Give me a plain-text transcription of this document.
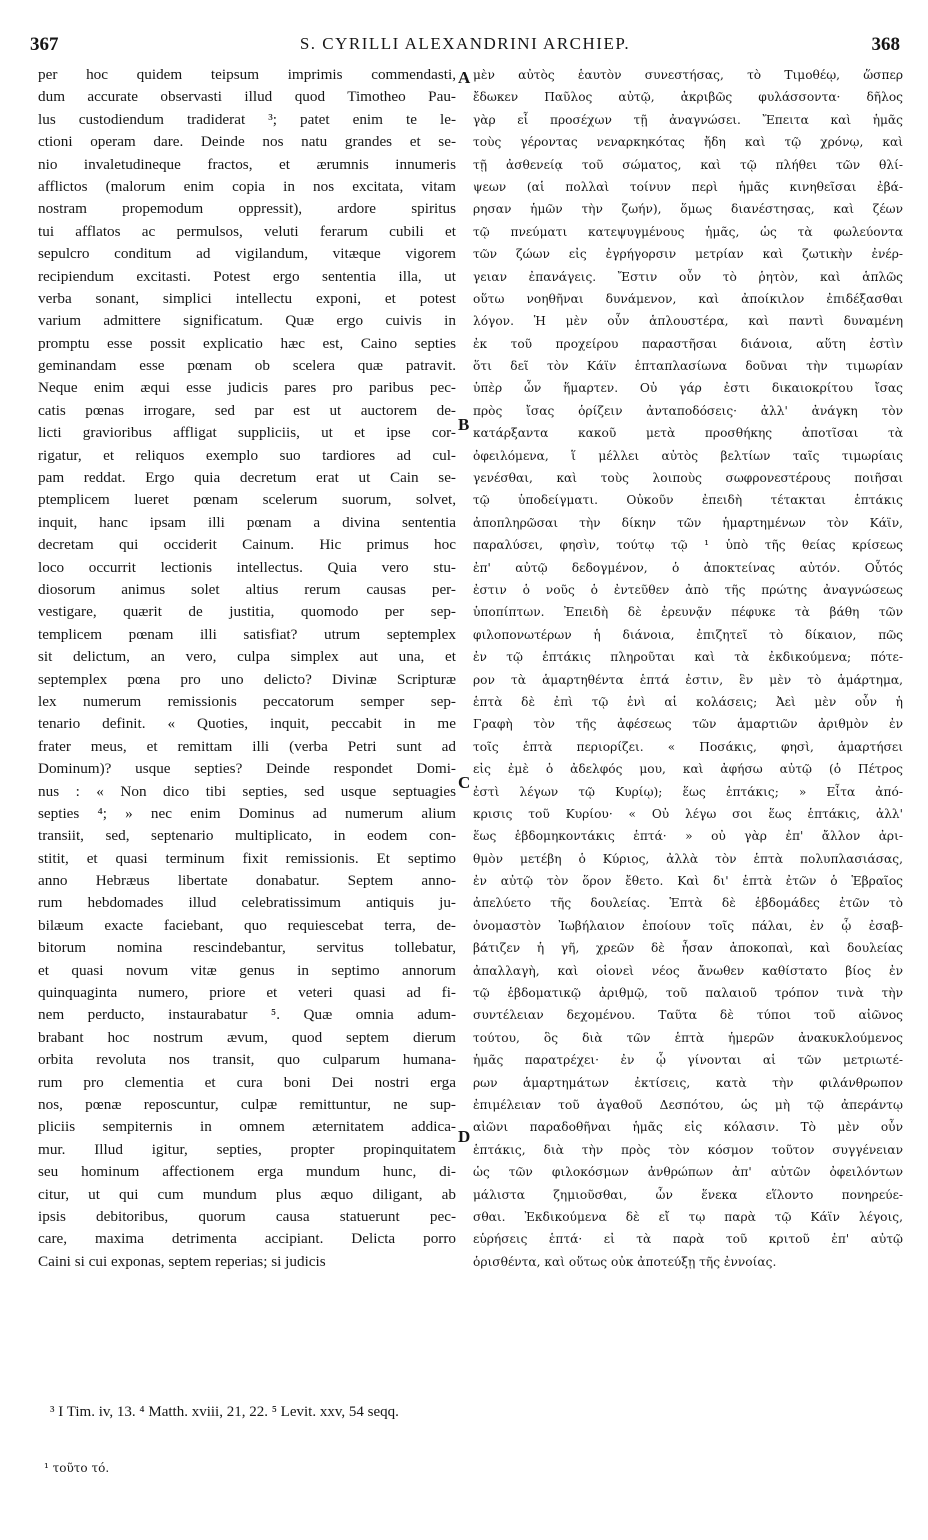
367	S. CYRILLI ALEXANDRINI ARCHIEP.	368
per hoc quidem teipsum imprimis commendasti,
dum accurate observasti illud quod Timotheo Pau-
lus custodiendum tradiderat ³; patet enim te le-
ctioni operam dare. Deinde nos natu grandes et se-
nio invaletudineque fractos, et ærumnis innumeris
afflictos (malorum enim copia in nos excitata, vitam
nostram propemodum oppressit), ardore spiritus
tui afflatos ac permulsos, veluti ferarum cubili et
sepulcro conditum ad vigilandum, vitæque vigorem
recipiendum excitasti. Potest ergo sententia illa, ut
verba sonant, simplici intellectu exponi, et potest
varium admittere significatum. Quæ ergo cuivis in
promptu esse possit explicatio hæc est, Caino septies
geminandam esse pœnam ob scelera quæ patravit.
Neque enim æqui esse judicis pares pro paribus pec-
catis pœnas irrogare, sed par est ut auctorem de-
licti gravioribus affligat suppliciis, ut et ipse cor-
rigatur, et reliquos exemplo suo tardiores ad cul-
pam reddat. Ergo quia decretum erat ut Cain se-
ptemplicem lueret pœnam scelerum suorum, solvet,
inquit, hanc ipsam illi pœnam a divina sententia
decretam qui occiderit Cainum. Hic primus hoc
loco occurrit lectionis intellectus. Quia vero stu-
diosorum animus solet altius rerum causas per-
vestigare, quærit de justitia, quomodo per sep-
templicem pœnam illi satisfiat? utrum septemplex
sit delictum, an vero, culpa simplex aut una, et
septemplex pœna pro uno delicto? Divinæ Scripturæ
lex numerum remissionis peccatorum semper sep-
tenario definit. « Quoties, inquit, peccabit in me
frater meus, et remittam illi (verba Petri sunt ad
Dominum)? usque septies? Deinde respondet Domi-
nus : « Non dico tibi septies, sed usque septuagies
septies ⁴; » nec enim Dominus ad numerum alium
transiit, sed, septenario multiplicato, in eodem con-
stitit, et quasi terminum fixit remissionis. Et septimo
anno Hebræus libertate donabatur. Septem anno-
rum hebdomades illud celebratissimum antiquis ju-
bilæum exacte faciebant, quo requiescebat terra, de-
bitorum nomina rescindebantur, servitus tollebatur,
et quasi novum vitæ genus in septimo annorum
quinquaginta numero, priore et veteri quasi ad fi-
nem perducto, instaurabatur ⁵. Quæ omnia adum-
brabant hoc nostrum ævum, quod septem dierum
orbita revoluta nos transit, quo culparum humana-
rum pro clementia et cura boni Dei nostri erga
nos, pœnæ reposcuntur, culpæ remittuntur, ne sup-
pliciis sempiternis in omnem æternitatem addica-
mur. Illud igitur, septies, propter propinquitatem
seu hominum affectionem erga mundum hunc, di-
citur, ut qui cum mundum plus æquo diligant, ab
ipsis debitoribus, quorum causa statuerunt pec-
care, maxima detrimenta accipiant. Delicta porro
Caini si cui exponas, septem reperias; si judicis
μὲν αὐτὸς ἑαυτὸν συνεστήσας, τὸ Τιμοθέῳ, ὥσπερ
ἔδωκεν Παῦλος αὐτῷ, ἀκριβῶς φυλάσσοντα· δῆλος
γὰρ εἶ προσέχων τῇ ἀναγνώσει. Ἔπειτα καὶ ἡμᾶς
τοὺς γέροντας νεναρκηκότας ἤδη καὶ τῷ χρόνῳ, καὶ
τῇ ἀσθενείᾳ τοῦ σώματος, καὶ τῷ πλήθει τῶν θλί-
ψεων (αἱ πολλαὶ τοίνυν περὶ ἡμᾶς κινηθεῖσαι ἐβά-
ρησαν ἡμῶν τὴν ζωήν), ὅμως διανέστησας, καὶ ζέων
τῷ πνεύματι κατεψυγμένους ἡμᾶς, ὡς τὰ φωλεύοντα
τῶν ζώων εἰς ἐγρήγορσιν μετρίαν καὶ ζωτικὴν ἐνέρ-
γειαν ἐπανάγεις. Ἔστιν οὖν τὸ ῥητὸν, καὶ ἁπλῶς
οὕτω νοηθῆναι δυνάμενον, καὶ ἀποίκιλον ἐπιδέξασθαι
λόγον. Ἡ μὲν οὖν ἁπλουστέρα, καὶ παντὶ δυναμένη
ἐκ τοῦ προχείρου παραστῆσαι διάνοια, αὕτη ἐστὶν
ὅτι δεῖ τὸν Κάϊν ἑπταπλασίωνα δοῦναι τὴν τιμωρίαν
ὑπὲρ ὧν ἥμαρτεν. Οὐ γάρ ἐστι δικαιοκρίτου ἴσας
πρὸς ἴσας ὁρίζειν ἀνταποδόσεις· ἀλλ' ἀνάγκη τὸν
κατάρξαντα κακοῦ μετὰ προσθήκης ἀποτῖσαι τὰ
ὀφειλόμενα, ἵ μέλλει αὐτὸς βελτίων ταῖς τιμωρίαις
γενέσθαι, καὶ τοὺς λοιποὺς σωφρονεστέρους ποιῆσαι
τῷ ὑποδείγματι. Οὐκοῦν ἐπειδὴ τέτακται ἑπτάκις
ἀποπληρῶσαι τὴν δίκην τῶν ἡμαρτημένων τὸν Κάϊν,
παραλύσει, φησὶν, τούτῳ τῷ ¹ ὑπὸ τῆς θείας κρίσεως
ἐπ' αὐτῷ δεδογμένον, ὁ ἀποκτείνας αὐτόν. Οὗτός
ἐστιν ὁ νοῦς ὁ ἐντεῦθεν ἀπὸ τῆς πρώτης ἀναγνώσεως
ὑποπίπτων. Ἐπειδὴ δὲ ἐρευνᾷν πέφυκε τὰ βάθη τῶν
φιλοπονωτέρων ἡ διάνοια, ἐπιζητεῖ τὸ δίκαιον, πῶς
ἐν τῷ ἑπτάκις πληροῦται καὶ τὰ ἐκδικούμενα; πότε-
ρον τὰ ἁμαρτηθέντα ἑπτά ἐστιν, ἓν μὲν τὸ ἁμάρτημα,
ἑπτὰ δὲ ἐπὶ τῷ ἑνὶ αἱ κολάσεις; Ἀεὶ μὲν οὖν ἡ
Γραφὴ τὸν τῆς ἀφέσεως τῶν ἁμαρτιῶν ἀριθμὸν ἐν
τοῖς ἑπτὰ περιορίζει. « Ποσάκις, φησὶ, ἁμαρτήσει
εἰς ἐμὲ ὁ ἀδελφός μου, καὶ ἀφήσω αὐτῷ (ὁ Πέτρος
ἐστὶ λέγων τῷ Κυρίῳ); ἕως ἑπτάκις; » Εἶτα ἀπό-
κρισις τοῦ Κυρίου· « Οὐ λέγω σοι ἕως ἑπτάκις, ἀλλ'
ἕως ἑβδομηκοντάκις ἑπτά· » οὐ γὰρ ἐπ' ἄλλον ἀρι-
θμὸν μετέβη ὁ Κύριος, ἀλλὰ τὸν ἑπτὰ πολυπλασιάσας,
ἐν αὐτῷ τὸν ὅρον ἔθετο. Καὶ δι' ἑπτὰ ἐτῶν ὁ Ἑβραῖος
ἀπελύετο τῆς δουλείας. Ἑπτὰ δὲ ἑβδομάδες ἐτῶν τὸ
ὀνομαστὸν Ἰωβήλαιον ἐποίουν τοῖς πάλαι, ἐν ᾧ ἐσαβ-
βάτιζεν ἡ γῆ, χρεῶν δὲ ἦσαν ἀποκοπαὶ, καὶ δουλείας
ἀπαλλαγὴ, καὶ οἱονεὶ νέος ἄνωθεν καθίστατο βίος ἐν
τῷ ἑβδοματικῷ ἀριθμῷ, τοῦ παλαιοῦ τρόπον τινὰ τὴν
συντέλειαν δεχομένου. Ταῦτα δὲ τύποι τοῦ αἰῶνος
τούτου, ὃς διὰ τῶν ἑπτὰ ἡμερῶν ἀνακυκλούμενος
ἡμᾶς παρατρέχει· ἐν ᾧ γίνονται αἱ τῶν μετριωτέ-
ρων ἁμαρτημάτων ἐκτίσεις, κατὰ τὴν φιλάνθρωπον
ἐπιμέλειαν τοῦ ἀγαθοῦ Δεσπότου, ὡς μὴ τῷ ἀπεράντῳ
αἰῶνι παραδοθῆναι ἡμᾶς εἰς κόλασιν. Τὸ μὲν οὖν
ἑπτάκις, διὰ τὴν πρὸς τὸν κόσμον τοῦτον συγγένειαν
ὡς τῶν φιλοκόσμων ἀνθρώπων ἀπ' αὐτῶν ὀφειλόντων
μάλιστα ζημιοῦσθαι, ὧν ἕνεκα εἵλοντο πονηρεύε-
σθαι. Ἐκδικούμενα δὲ εἴ τῳ παρὰ τῷ Κάϊν λέγοις,
εὑρήσεις ἑπτά· εἰ τὰ παρὰ τοῦ κριτοῦ ἐπ' αὐτῷ
ὁρισθέντα, καὶ οὕτως οὐκ ἀποτεύξῃ τῆς ἐννοίας.
A
B
C
D
³ I Tim. iv, 13. ⁴ Matth. xviii, 21, 22. ⁵ Levit. xxv, 54 seqq.
¹ τοῦτο τό.
